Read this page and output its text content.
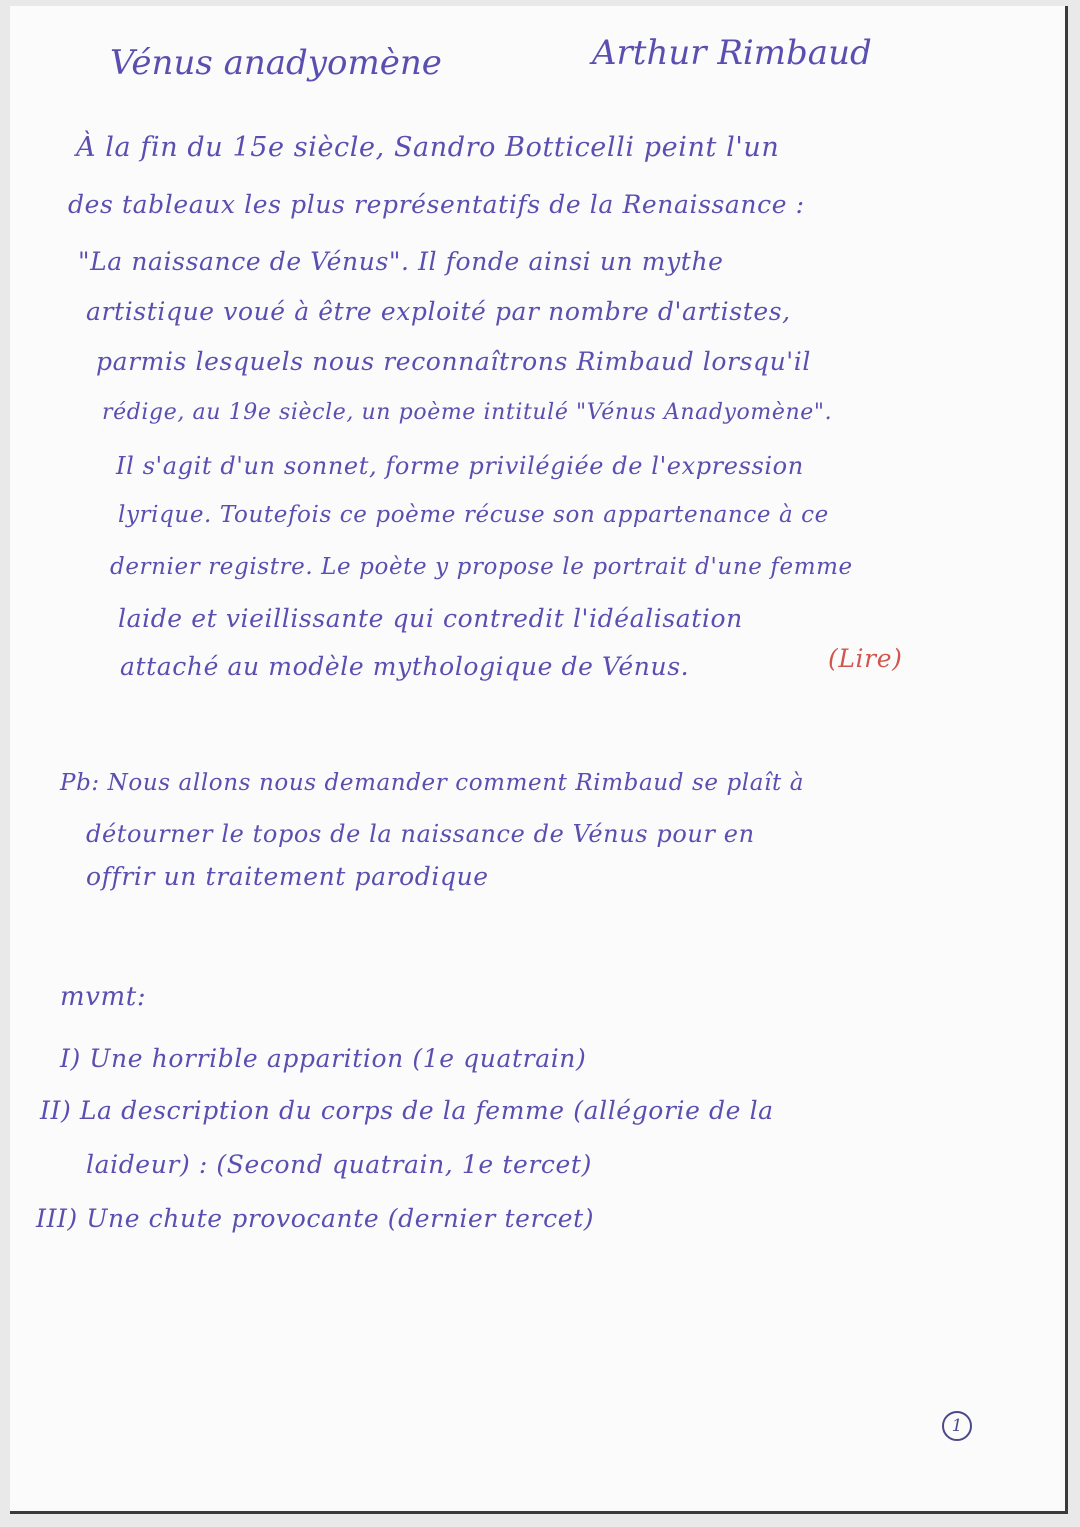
Vénus anadyomène	Arthur Rimbaud
À la fin du 15e siècle, Sandro Botticelli peint l'un
des tableaux les plus représentatifs de la Renaissance :
"La naissance de Vénus". Il fonde ainsi un mythe
artistique voué à être exploité par nombre d'artistes,
parmis lesquels nous reconnaîtrons Rimbaud lorsqu'il
rédige, au 19e siècle, un poème intitulé "Vénus Anadyomène".
Il s'agit d'un sonnet, forme privilégiée de l'expression
lyrique. Toutefois ce poème récuse son appartenance à ce
dernier registre. Le poète y propose le portrait d'une femme
laide et vieillissante qui contredit l'idéalisation
attaché au modèle mythologique de Vénus.	(Lire)
Pb: Nous allons nous demander comment Rimbaud se plaît à
détourner le topos de la naissance de Vénus pour en
offrir un traitement parodique
mvmt:
I) Une horrible apparition (1e quatrain)
II) La description du corps de la femme (allégorie de la
laideur) : (Second quatrain, 1e tercet)
III) Une chute provocante (dernier tercet)
1
